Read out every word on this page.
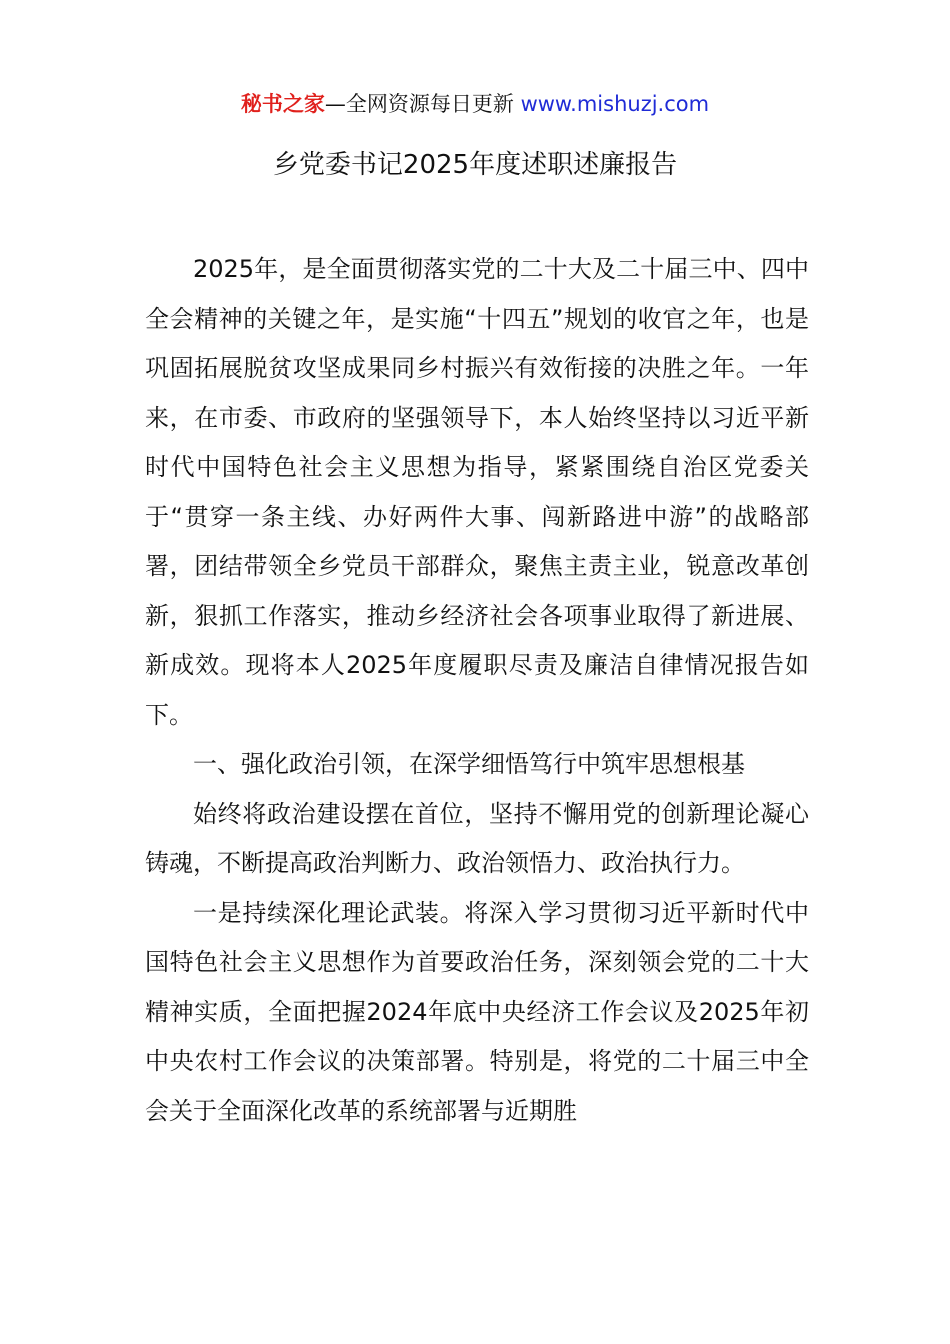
秘书之家—全网资源每日更新 www.mishuzj.com
乡党委书记2025年度述职述廉报告

2025年，是全面贯彻落实党的二十大及二十届三中、四中全会精神的关键之年，是实施“十四五”规划的收官之年，也是巩固拓展脱贫攻坚成果同乡村振兴有效衔接的决胜之年。一年来，在市委、市政府的坚强领导下，本人始终坚持以习近平新时代中国特色社会主义思想为指导，紧紧围绕自治区党委关于“贯穿一条主线、办好两件大事、闯新路进中游”的战略部署，团结带领全乡党员干部群众，聚焦主责主业，锐意改革创新，狠抓工作落实，推动乡经济社会各项事业取得了新进展、新成效。现将本人2025年度履职尽责及廉洁自律情况报告如下。

一、强化政治引领，在深学细悟笃行中筑牢思想根基

始终将政治建设摆在首位，坚持不懈用党的创新理论凝心铸魂，不断提高政治判断力、政治领悟力、政治执行力。

一是持续深化理论武装。将深入学习贯彻习近平新时代中国特色社会主义思想作为首要政治任务，深刻领会党的二十大精神实质，全面把握2024年底中央经济工作会议及2025年初中央农村工作会议的决策部署。特别是，将党的二十届三中全会关于全面深化改革的系统部署与近期胜
